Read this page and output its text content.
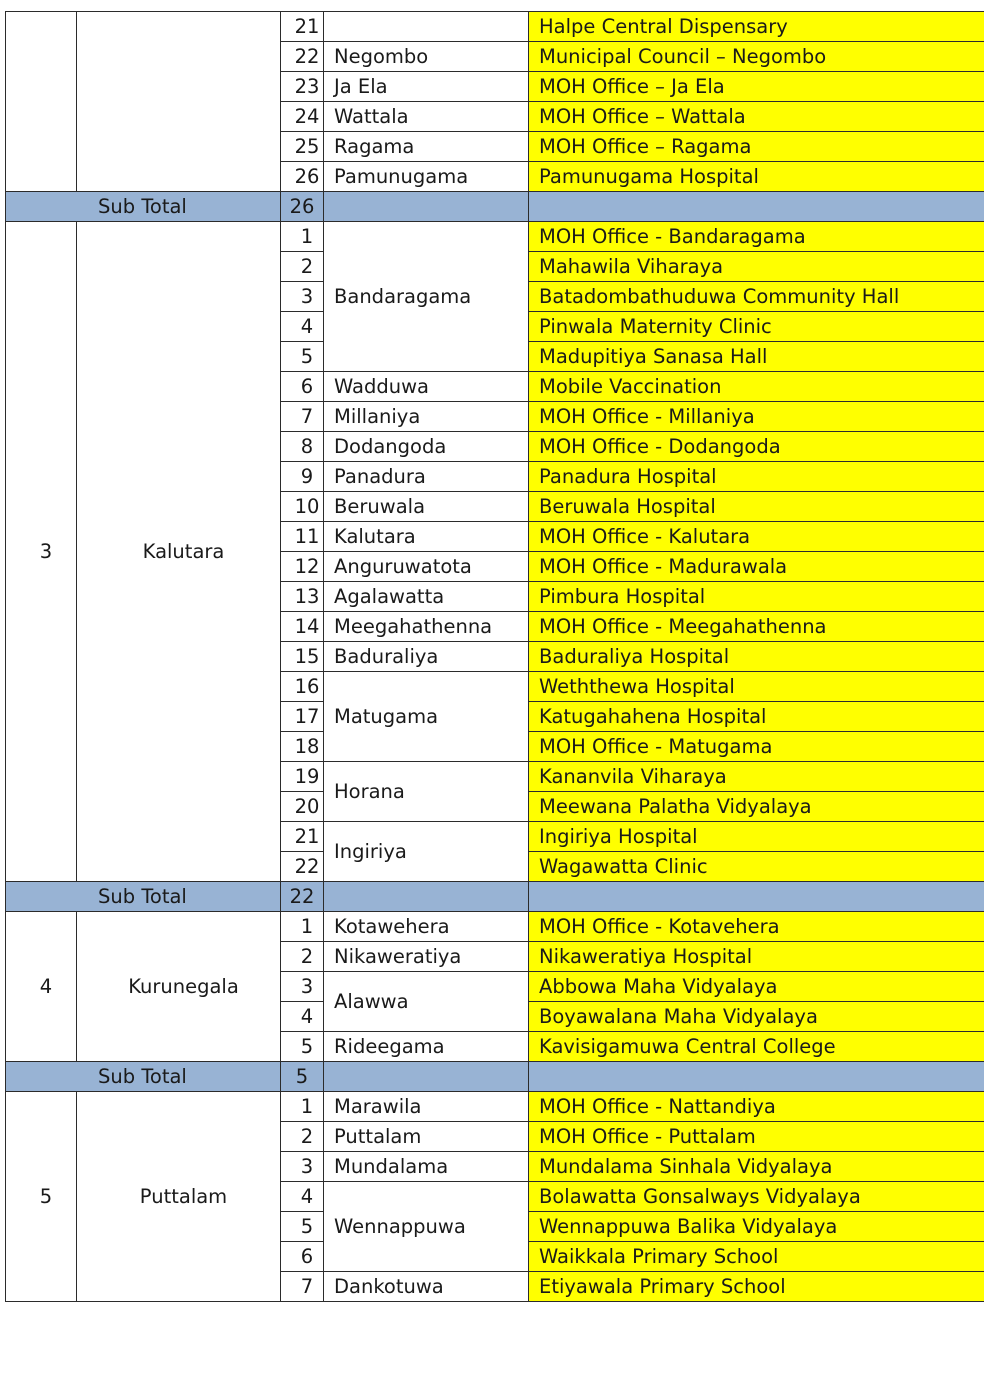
		21		Halpe Central Dispensary
		22	Negombo	Municipal Council – Negombo
		23	Ja Ela	MOH Office – Ja Ela
		24	Wattala	MOH Office – Wattala
		25	Ragama	MOH Office – Ragama
		26	Pamunugama	Pamunugama Hospital
Sub Total		26		
3	Kalutara	1	Bandaragama	MOH Office - Bandaragama
		2		Mahawila Viharaya
		3		Batadombathuduwa Community Hall
		4		Pinwala Maternity Clinic
		5		Madupitiya Sanasa Hall
		6	Wadduwa	Mobile Vaccination
		7	Millaniya	MOH Office - Millaniya
		8	Dodangoda	MOH Office - Dodangoda
		9	Panadura	Panadura Hospital
		10	Beruwala	Beruwala Hospital
		11	Kalutara	MOH Office - Kalutara
		12	Anguruwatota	MOH Office - Madurawala
		13	Agalawatta	Pimbura Hospital
		14	Meegahathenna	MOH Office - Meegahathenna
		15	Baduraliya	Baduraliya Hospital
		16	Matugama	Weththewa Hospital
		17		Katugahahena Hospital
		18		MOH Office - Matugama
		19	Horana	Kananvila Viharaya
		20		Meewana Palatha Vidyalaya
		21	Ingiriya	Ingiriya Hospital
		22		Wagawatta Clinic
Sub Total		22		
4	Kurunegala	1	Kotawehera	MOH Office - Kotavehera
		2	Nikaweratiya	Nikaweratiya Hospital
		3	Alawwa	Abbowa Maha Vidyalaya
		4		Boyawalana Maha Vidyalaya
		5	Rideegama	Kavisigamuwa Central College
Sub Total		5		
5	Puttalam	1	Marawila	MOH Office - Nattandiya
		2	Puttalam	MOH Office - Puttalam
		3	Mundalama	Mundalama Sinhala Vidyalaya
		4	Wennappuwa	Bolawatta Gonsalways Vidyalaya
		5		Wennappuwa Balika Vidyalaya
		6		Waikkala Primary School
		7	Dankotuwa	Etiyawala Primary School
